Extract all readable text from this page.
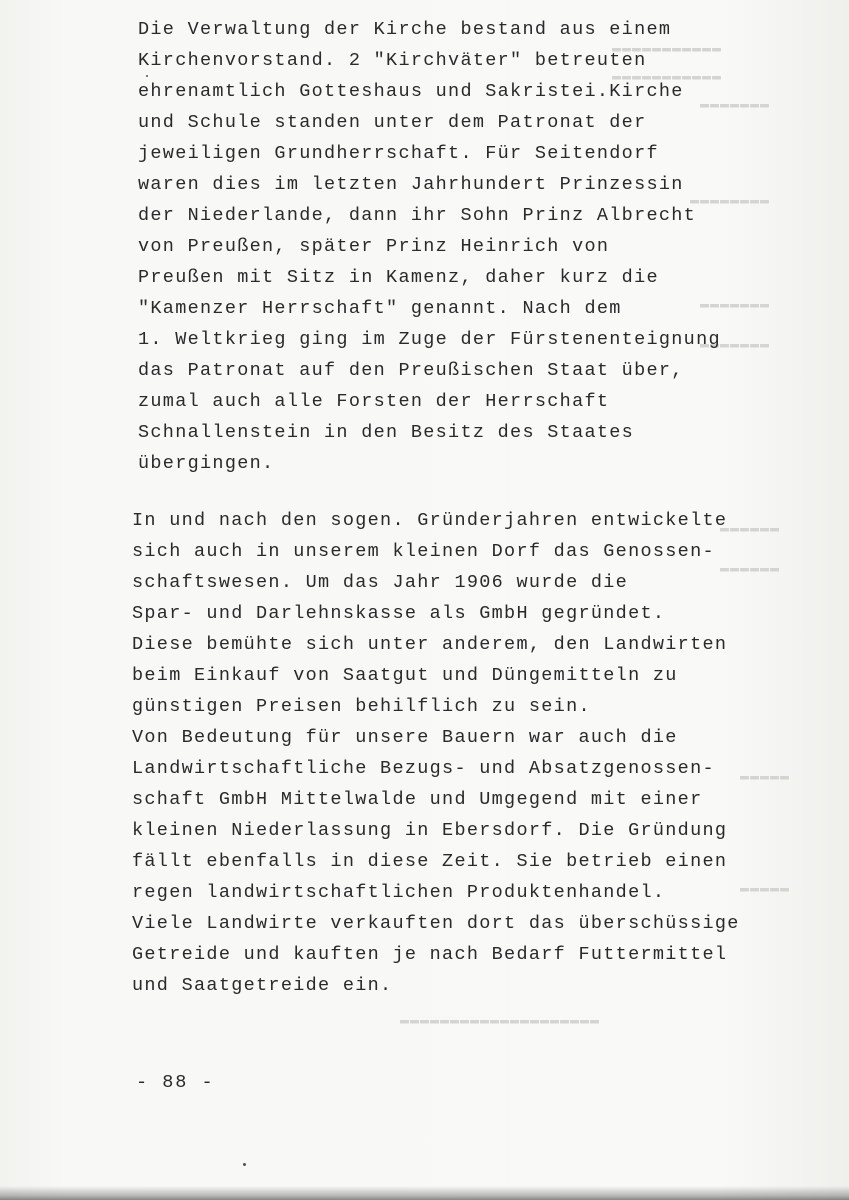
▬▬▬▬▬▬▬▬▬▬▬
▬▬▬▬▬▬▬▬▬▬▬
▬▬▬▬▬▬▬
▬▬▬▬▬▬▬▬
▬▬▬▬▬▬▬
▬▬▬▬▬▬▬
▬▬▬▬▬▬
▬▬▬▬▬▬
▬▬▬▬▬
▬▬▬▬▬
▬▬▬▬▬▬▬▬▬▬▬▬▬▬▬▬▬▬▬▬
Die Verwaltung der Kirche bestand aus einem
Kirchenvorstand. 2 "Kirchväter" betreuten
ehrenamtlich Gotteshaus und Sakristei.Kirche
und Schule standen unter dem Patronat der
jeweiligen Grundherrschaft. Für Seitendorf
waren dies im letzten Jahrhundert Prinzessin
der Niederlande, dann ihr Sohn Prinz Albrecht
von Preußen, später Prinz Heinrich von
Preußen mit Sitz in Kamenz, daher kurz die
"Kamenzer Herrschaft" genannt. Nach dem
1. Weltkrieg ging im Zuge der Fürstenenteignung
das Patronat auf den Preußischen Staat über,
zumal auch alle Forsten der Herrschaft
Schnallenstein in den Besitz des Staates
übergingen.
In und nach den sogen. Gründerjahren entwickelte
sich auch in unserem kleinen Dorf das Genossen-
schaftswesen. Um das Jahr 1906 wurde die
Spar- und Darlehnskasse als GmbH gegründet.
Diese bemühte sich unter anderem, den Landwirten
beim Einkauf von Saatgut und Düngemitteln zu
günstigen Preisen behilflich zu sein.
Von Bedeutung für unsere Bauern war auch die
Landwirtschaftliche Bezugs- und Absatzgenossen-
schaft GmbH Mittelwalde und Umgegend mit einer
kleinen Niederlassung in Ebersdorf. Die Gründung
fällt ebenfalls in diese Zeit. Sie betrieb einen
regen landwirtschaftlichen Produktenhandel.
Viele Landwirte verkauften dort das überschüssige
Getreide und kauften je nach Bedarf Futtermittel
und Saatgetreide ein.
- 88 -
